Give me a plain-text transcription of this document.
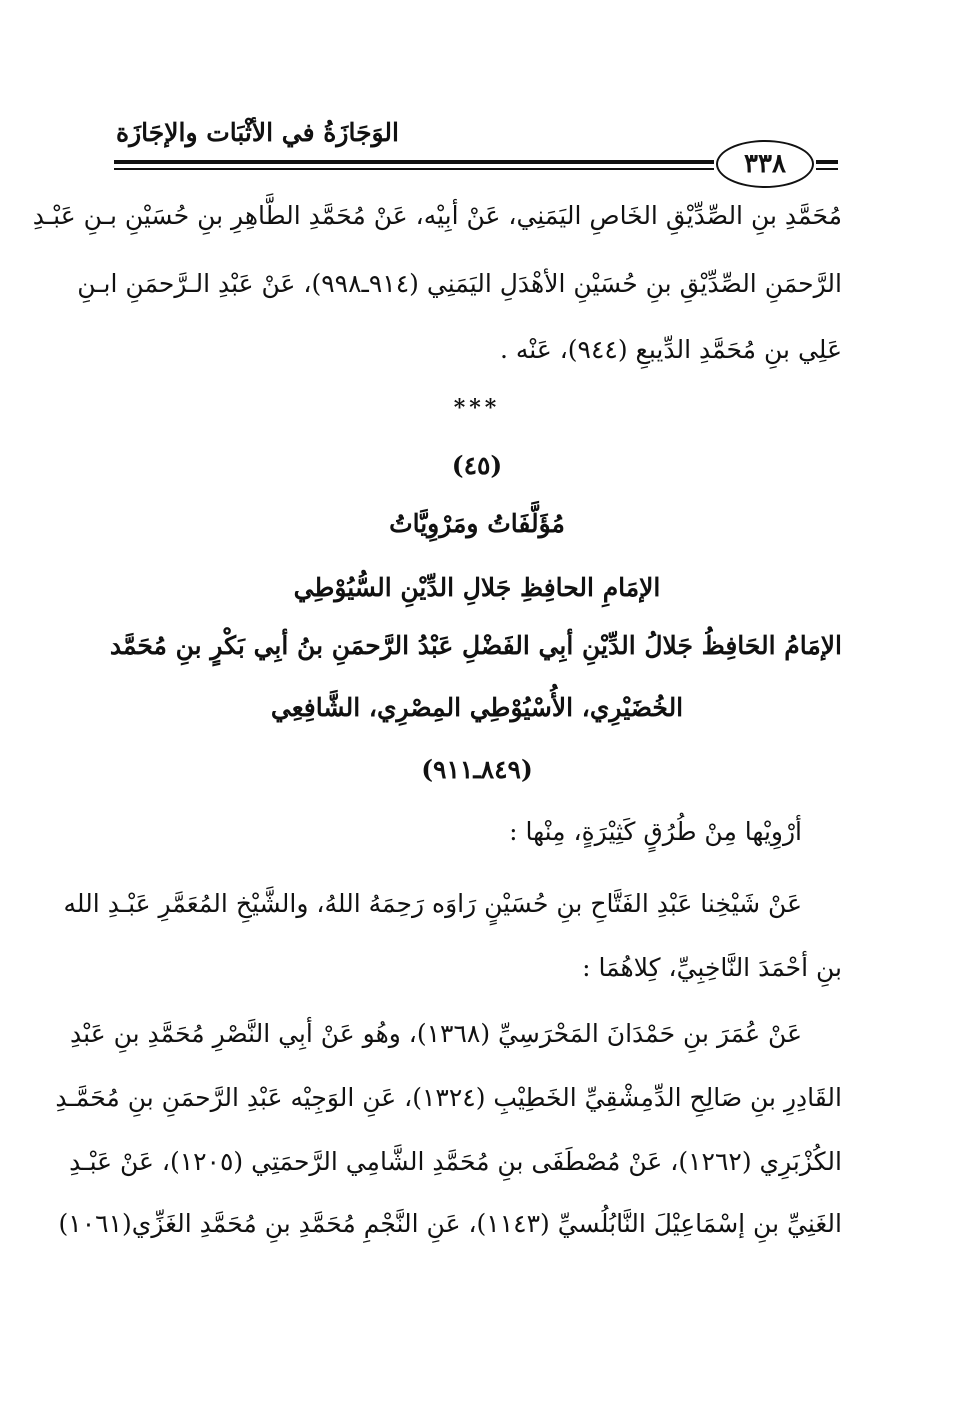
الوَجَازَةُ في الأثْبَات والإجَازَة
٣٣٨
مُحَمَّدِ بنِ الصِّدِّيْقِ الخَاصِ اليَمَنِي، عَنْ أبِيْه، عَنْ مُحَمَّدِ الطَّاهِرِ بنِ حُسَيْنِ بـنِ عَبْـدِ
الرَّحمَنِ الصِّدِّيْقِ بنِ حُسَيْنِ الأهْدَلِ اليَمَنِي (٩١٤ـ٩٩٨)، عَنْ عَبْدِ الـرَّحمَنِ ابـنِ
عَلِي بنِ مُحَمَّدِ الدِّيبعِ (٩٤٤)، عَنْه .
***
(٤٥)
مُؤَلَّفَاتُ ومَرْوِيَّاتُ
الإمَامِ الحافِظِ جَلالِ الدِّيْنِ السُّيُوْطِي
الإمَامُ الحَافِظُ جَلالُ الدِّيْنِ أبِي الفَضْلِ عَبْدُ الرَّحمَنِ بنُ أبِي بَكْرٍ بنِ مُحَمَّد
الخُضَيْرِي، الأُسْيُوْطِي المِصْرِي، الشَّافِعِي
(٨٤٩ـ٩١١)
أرْوِيْها مِنْ طُرُقٍ كَثِيْرَةٍ، مِنْها :
عَنْ شَيْخِنا عَبْدِ الفَتَّاحِ بنِ حُسَيْنٍ رَاوَه رَحِمَهُ اللهُ، والشَّيْخِ المُعَمَّرِ عَبْـدِ الله
بنِ أحْمَدَ النَّاخِبِيِّ، كِلاهُمَا :
عَنْ عُمَرَ بنِ حَمْدَانَ المَحْرَسِيِّ (١٣٦٨)، وهُو عَنْ أبِي النَّصْرِ مُحَمَّدِ بنِ عَبْدِ
القَادِرِ بنِ صَالِحِ الدِّمِشْقِيِّ الخَطِيْبِ (١٣٢٤)، عَنِ الوَجِيْه عَبْدِ الرَّحمَنِ بنِ مُحَمَّـدِ
الكُزْبَرِي (١٢٦٢)، عَنْ مُصْطَفَى بنِ مُحَمَّدِ الشَّامِي الرَّحمَتِي (١٢٠٥)، عَنْ عَبْـدِ
الغَنِيِّ بنِ إسْمَاعِيْلَ النَّابُلُسيِّ (١١٤٣)، عَنِ النَّجْمِ مُحَمَّدِ بنِ مُحَمَّدِ الغَزِّي(١٠٦١)
